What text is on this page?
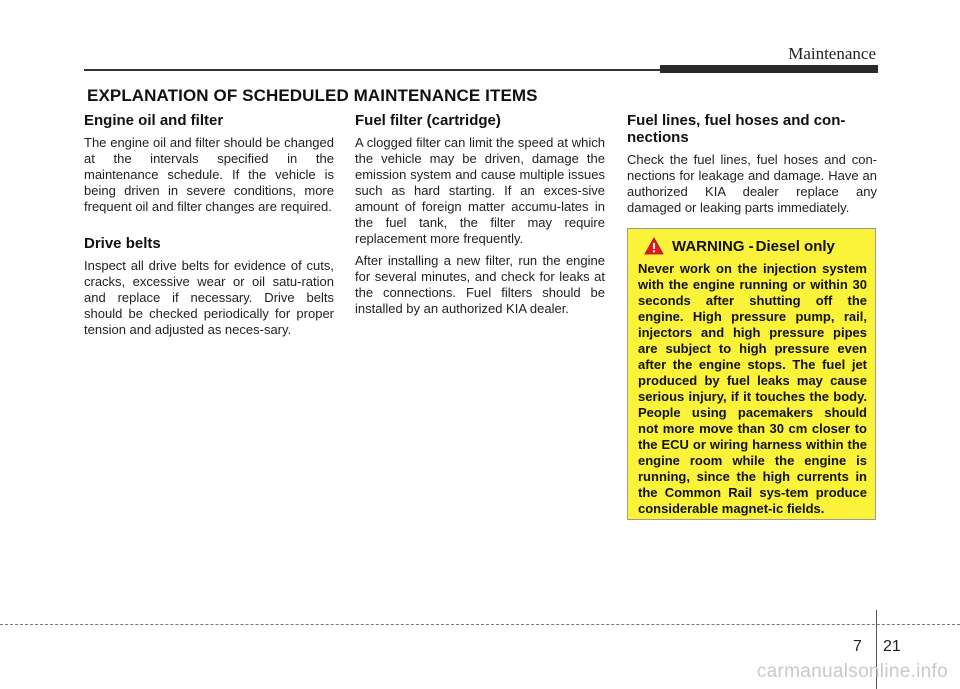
Maintenance
EXPLANATION OF SCHEDULED MAINTENANCE ITEMS
Engine oil and filter

The engine oil and filter should be changed at the intervals specified in the maintenance schedule. If the vehicle is being driven in severe conditions, more frequent oil and filter changes are required.

Drive belts

Inspect all drive belts for evidence of cuts, cracks, excessive wear or oil satu-ration and replace if necessary. Drive belts should be checked periodically for proper tension and adjusted as neces-sary.

Fuel filter (cartridge)

A clogged filter can limit the speed at which the vehicle may be driven, damage the emission system and cause multiple issues such as hard starting. If an exces-sive amount of foreign matter accumu-lates in the fuel tank, the filter may require replacement more frequently.

After installing a new filter, run the engine for several minutes, and check for leaks at the connections. Fuel filters should be installed by an authorized KIA dealer.

Fuel lines, fuel hoses and con-nections

Check the fuel lines, fuel hoses and con-nections for leakage and damage. Have an authorized KIA dealer replace any damaged or leaking parts immediately.

WARNING - Diesel only

Never work on the injection system with the engine running or within 30 seconds after shutting off the engine. High pressure pump, rail, injectors and high pressure pipes are subject to high pressure even after the engine stops. The fuel jet produced by fuel leaks may cause serious injury, if it touches the body. People using pacemakers should not more move than 30 cm closer to the ECU or wiring harness within the engine room while the engine is running, since the high currents in the Common Rail sys-tem produce considerable magnet-ic fields.

7 21
carmanualsonline.info
